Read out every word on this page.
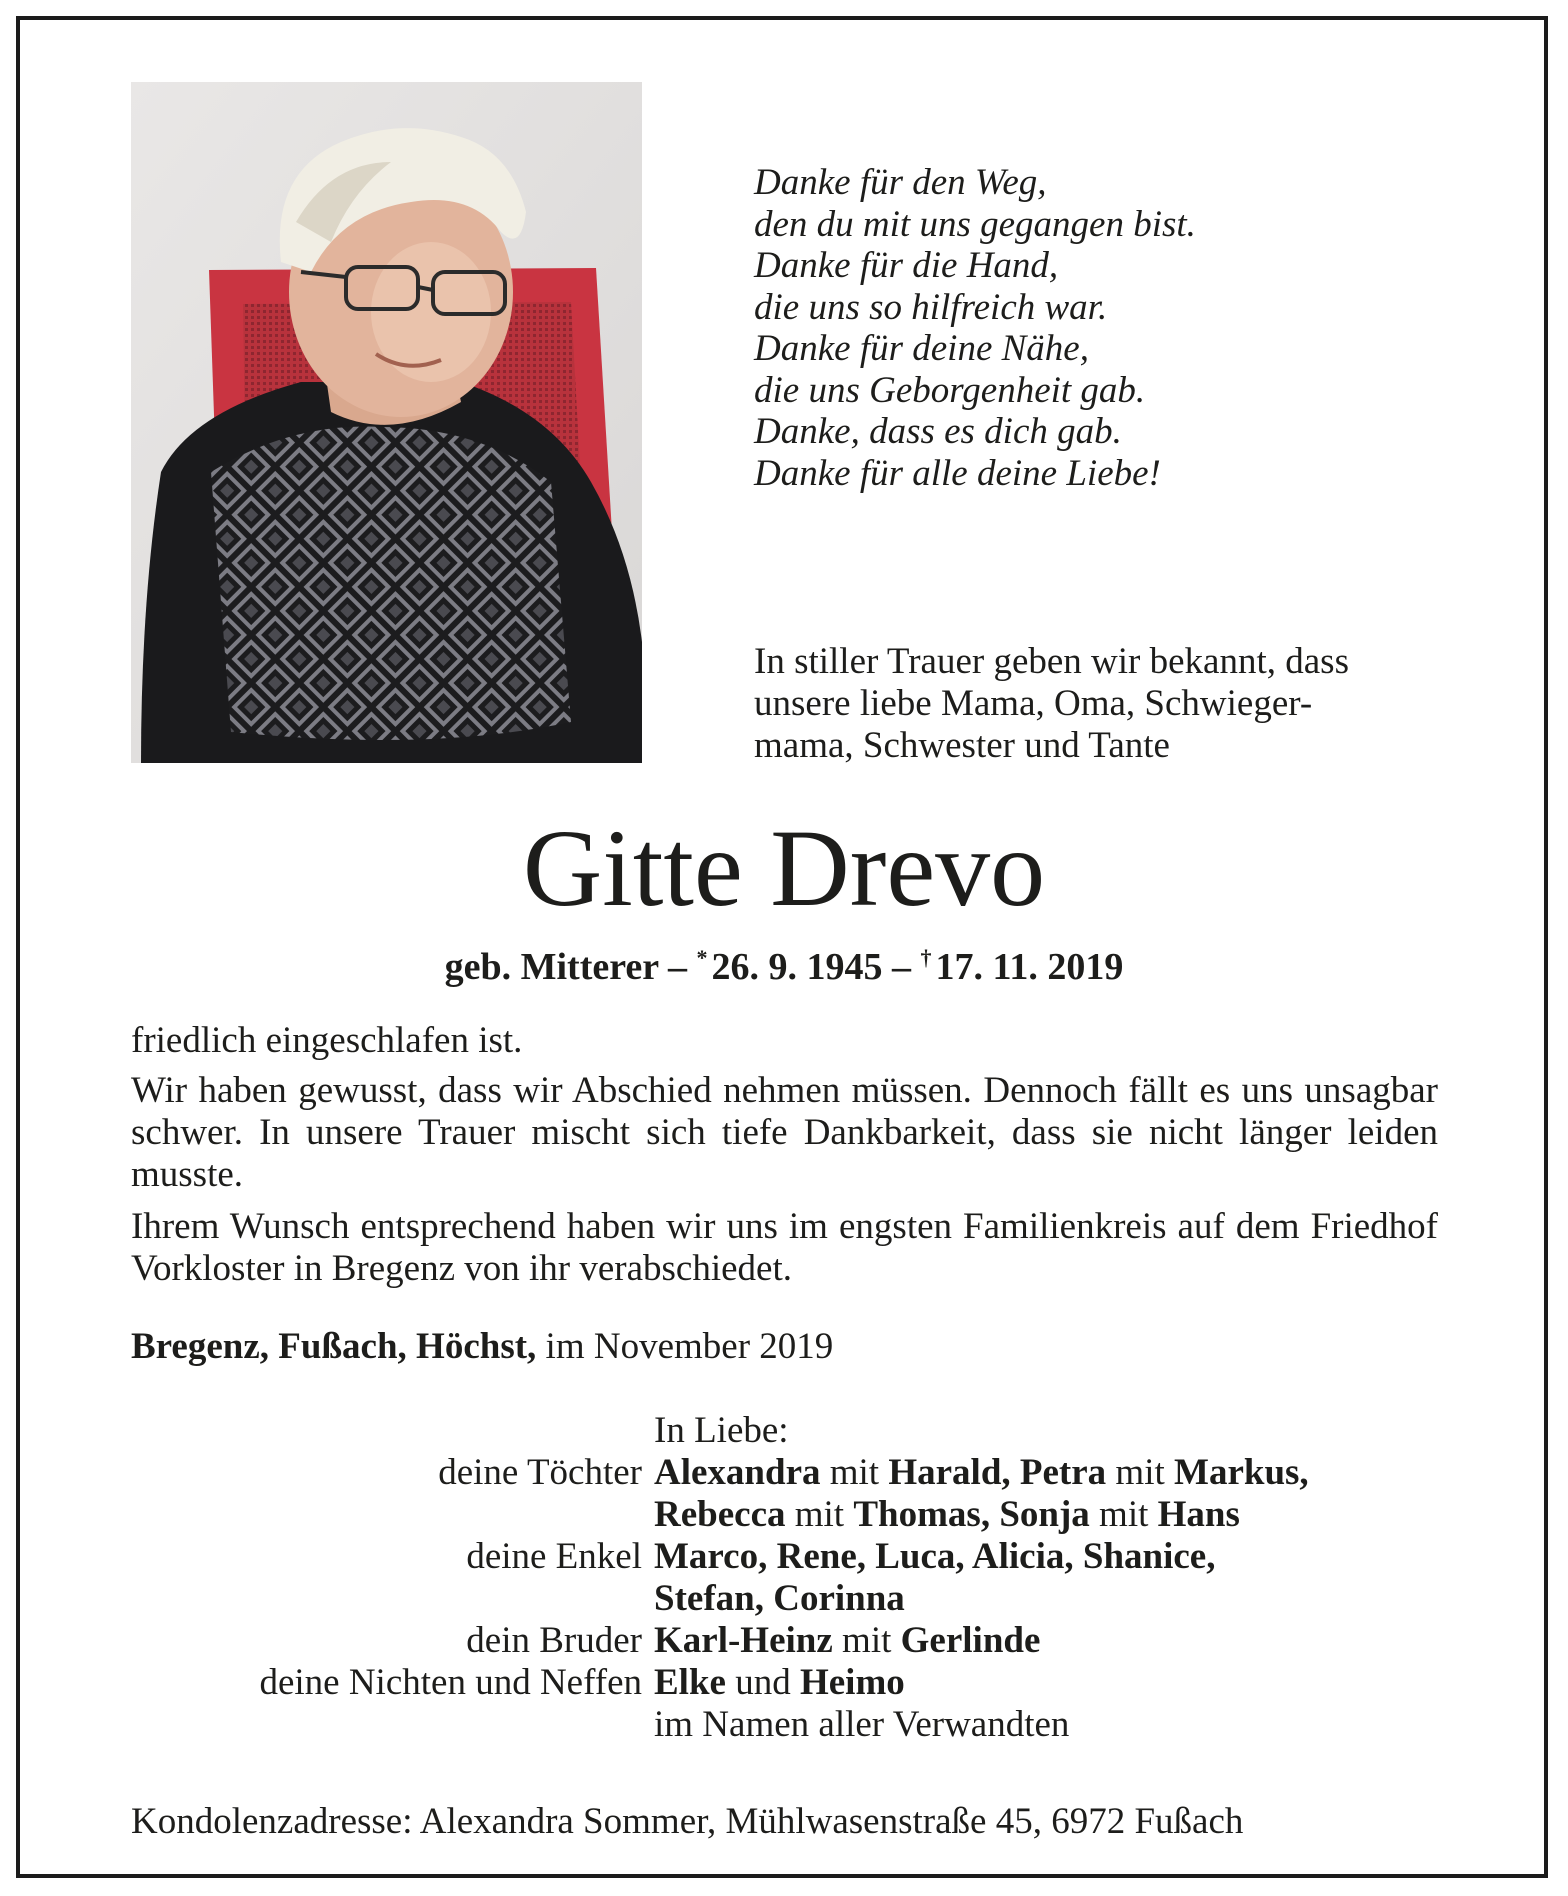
Danke für den Weg,
den du mit uns gegangen bist.
Danke für die Hand,
die uns so hilfreich war.
Danke für deine Nähe,
die uns Geborgenheit gab.
Danke, dass es dich gab.
Danke für alle deine Liebe!
In stiller Trauer geben wir bekannt, dass
unsere liebe Mama, Oma, Schwieger-
mama, Schwester und Tante
Gitte Drevo
geb. Mitterer – * 26. 9. 1945 – † 17. 11. 2019
friedlich eingeschlafen ist.
Wir haben gewusst, dass wir Abschied nehmen müssen. Dennoch fällt es uns unsagbar schwer. In unsere Trauer mischt sich tiefe Dankbarkeit, dass sie nicht länger leiden musste.
Ihrem Wunsch entsprechend haben wir uns im engsten Familienkreis auf dem Friedhof Vorkloster in Bregenz von ihr verabschiedet.
Bregenz, Fußach, Höchst, im November 2019
In Liebe:
deine Töchter Alexandra mit Harald, Petra mit Markus,
Rebecca mit Thomas, Sonja mit Hans
deine Enkel Marco, Rene, Luca, Alicia, Shanice,
Stefan, Corinna
dein Bruder Karl-Heinz mit Gerlinde
deine Nichten und Neffen Elke und Heimo
im Namen aller Verwandten
Kondolenzadresse: Alexandra Sommer, Mühlwasenstraße 45, 6972 Fußach
